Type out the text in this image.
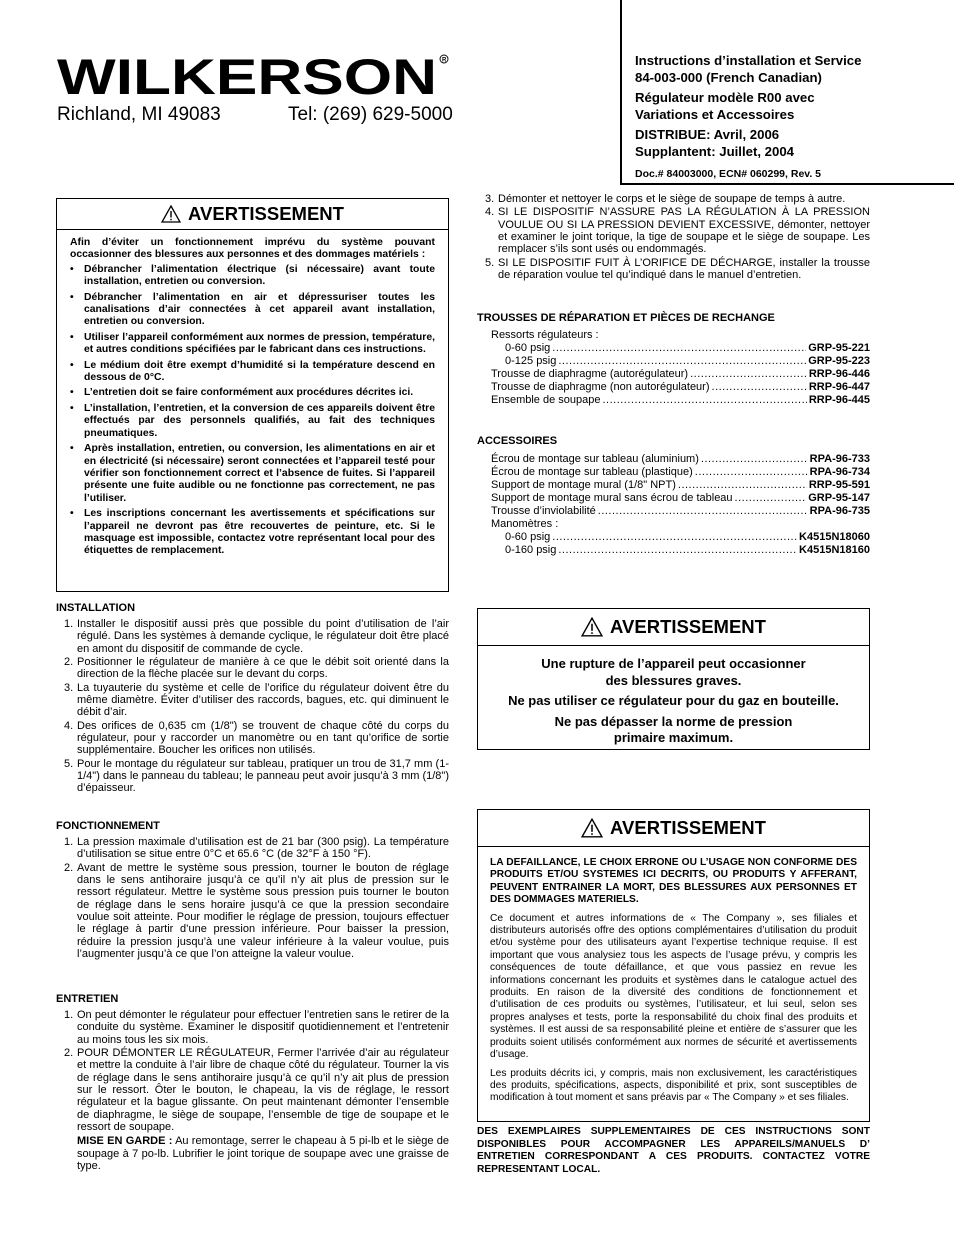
WILKERSON R
Richland, MI 49083	Tel: (269) 629-5000
Instructions d’installation et Service
84-003-000 (French Canadian)
Régulateur modèle R00 avec
Variations et Accessoires
DISTRIBUE: Avril, 2006
Supplantent: Juillet, 2004
Doc.# 84003000, ECN# 060299, Rev. 5
AVERTISSEMENT
Afin d’éviter un fonctionnement imprévu du système pouvant occasionner des blessures aux personnes et des dommages matériels :
• Débrancher l’alimentation électrique (si nécessaire) avant toute installation, entretien ou conversion.
• Débrancher l’alimentation en air et dépressuriser toutes les canalisations d’air connectées à cet appareil avant installation, entretien ou conversion.
• Utiliser l’appareil conformément aux normes de pression, température, et autres conditions spécifiées par le fabricant dans ces instructions.
• Le médium doit être exempt d’humidité si la température descend en dessous de 0°C.
• L’entretien doit se faire conformément aux procédures décrites ici.
• L’installation, l’entretien, et la conversion de ces appareils doivent être effectués par des personnels qualifiés, au fait des techniques pneumatiques.
• Après installation, entretien, ou conversion, les alimentations en air et en électricité (si nécessaire) seront connectées et l’appareil testé pour vérifier son fonctionnement correct et l’absence de fuites. Si l’appareil présente une fuite audible ou ne fonctionne pas correctement, ne pas l’utiliser.
• Les inscriptions concernant les avertissements et spécifications sur l’appareil ne devront pas être recouvertes de peinture, etc. Si le masquage est impossible, contactez votre représentant local pour des étiquettes de remplacement.
INSTALLATION
1. Installer le dispositif aussi près que possible du point d’utilisation de l’air régulé. Dans les systèmes à demande cyclique, le régulateur doit être placé en amont du dispositif de commande de cycle.
2. Positionner le régulateur de manière à ce que le débit soit orienté dans la direction de la flèche placée sur le devant du corps.
3. La tuyauterie du système et celle de l’orifice du régulateur doivent être du même diamètre. Éviter d’utiliser des raccords, bagues, etc. qui diminuent le débit d’air.
4. Des orifices de 0,635 cm (1/8") se trouvent de chaque côté du corps du régulateur, pour y raccorder un manomètre ou en tant qu’orifice de sortie supplémentaire. Boucher les orifices non utilisés.
5. Pour le montage du régulateur sur tableau, pratiquer un trou de 31,7 mm (1-1/4") dans le panneau du tableau; le panneau peut avoir jusqu’à 3 mm (1/8") d’épaisseur.
FONCTIONNEMENT
1. La pression maximale d’utilisation est de 21 bar (300 psig). La température d’utilisation se situe entre 0°C et 65.6 °C (de 32°F à 150 °F).
2. Avant de mettre le système sous pression, tourner le bouton de réglage dans le sens antihoraire jusqu’à ce qu’il n’y ait plus de pression sur le ressort régulateur. Mettre le système sous pression puis tourner le bouton de réglage dans le sens horaire jusqu’à ce que la pression secondaire voulue soit atteinte. Pour modifier le réglage de pression, toujours effectuer le réglage à partir d’une pression inférieure. Pour baisser la pression, réduire la pression jusqu’à une valeur inférieure à la valeur voulue, puis l’augmenter jusqu’à ce que l’on atteigne la valeur voulue.
ENTRETIEN
1. On peut démonter le régulateur pour effectuer l’entretien sans le retirer de la conduite du système. Examiner le dispositif quotidiennement et l’entretenir au moins tous les six mois.
2. POUR DÉMONTER LE RÉGULATEUR, Fermer l’arrivée d’air au régulateur et mettre la conduite à l’air libre de chaque côté du régulateur. Tourner la vis de réglage dans le sens antihoraire jusqu’à ce qu’il n’y ait plus de pression sur le ressort. Ôter le bouton, le chapeau, la vis de réglage, le ressort régulateur et la bague glissante. On peut maintenant démonter l’ensemble de diaphragme, le siège de soupape, l’ensemble de tige de soupape et le ressort de soupape.
MISE EN GARDE : Au remontage, serrer le chapeau à 5 pi-lb et le siège de soupage à 7 po-lb. Lubrifier le joint torique de soupape avec une graisse de type.
3. Démonter et nettoyer le corps et le siège de soupape de temps à autre.
4. SI LE DISPOSITIF N’ASSURE PAS LA RÉGULATION À LA PRESSION VOULUE OU SI LA PRESSION DEVIENT EXCESSIVE, démonter, nettoyer et examiner le joint torique, la tige de soupape et le siège de soupape. Les remplacer s’ils sont usés ou endommagés.
5. SI LE DISPOSITIF FUIT À L’ORIFICE DE DÉCHARGE, installer la trousse de réparation voulue tel qu’indiqué dans le manuel d’entretien.
TROUSSES DE RÉPARATION ET PIÈCES DE RECHANGE
Ressorts régulateurs :
0-60 psig .....	GRP-95-221
0-125 psig .....	GRP-95-223
Trousse de diaphragme (autorégulateur) .....	RRP-96-446
Trousse de diaphragme (non autorégulateur) .....	RRP-96-447
Ensemble de soupape .....	RRP-96-445
ACCESSOIRES
Écrou de montage sur tableau (aluminium) .....	RPA-96-733
Écrou de montage sur tableau (plastique) .....	RPA-96-734
Support de montage mural (1/8" NPT) .....	RRP-95-591
Support de montage mural sans écrou de tableau .....	GRP-95-147
Trousse d’inviolabilité .....	RPA-96-735
Manomètres :
0-60 psig .....	K4515N18060
0-160 psig .....	K4515N18160
AVERTISSEMENT

Une rupture de l’appareil peut occasionner
des blessures graves.

Ne pas utiliser ce régulateur pour du gaz en bouteille.

Ne pas dépasser la norme de pression
primaire maximum.

AVERTISSEMENT

LA DEFAILLANCE, LE CHOIX ERRONE OU L’USAGE NON CONFORME DES PRODUITS ET/OU SYSTEMES ICI DECRITS, OU PRODUITS Y AFFERANT, PEUVENT ENTRAINER LA MORT, DES BLESSURES AUX PERSONNES ET DES DOMMAGES MATERIELS.

Ce document et autres informations de « The Company », ses filiales et distributeurs autorisés offre des options complémentaires d’utilisation du produit et/ou système pour des utilisateurs ayant l’expertise technique requise. Il est important que vous analysiez tous les aspects de l’usage prévu, y compris les conséquences de toute défaillance, et que vous passiez en revue les informations concernant les produits et systèmes dans le catalogue actuel des produits. En raison de la diversité des conditions de fonctionnement et d’utilisation de ces produits ou systèmes, l’utilisateur, et lui seul, selon ses propres analyses et tests, porte la responsabilité du choix final des produits et systèmes. Il est aussi de sa responsabilité pleine et entière de s’assurer que les produits soient utilisés conformément aux normes de sécurité et avertissements d’usage.

Les produits décrits ici, y compris, mais non exclusivement, les caractéristiques des produits, spécifications, aspects, disponibilité et prix, sont susceptibles de modification à tout moment et sans préavis par « The Company » et ses filiales.

DES EXEMPLAIRES SUPPLEMENTAIRES DE CES INSTRUCTIONS SONT DISPONIBLES POUR ACCOMPAGNER LES APPAREILS/MANUELS D’ ENTRETIEN CORRESPONDANT A CES PRODUITS. CONTACTEZ VOTRE REPRESENTANT LOCAL.
